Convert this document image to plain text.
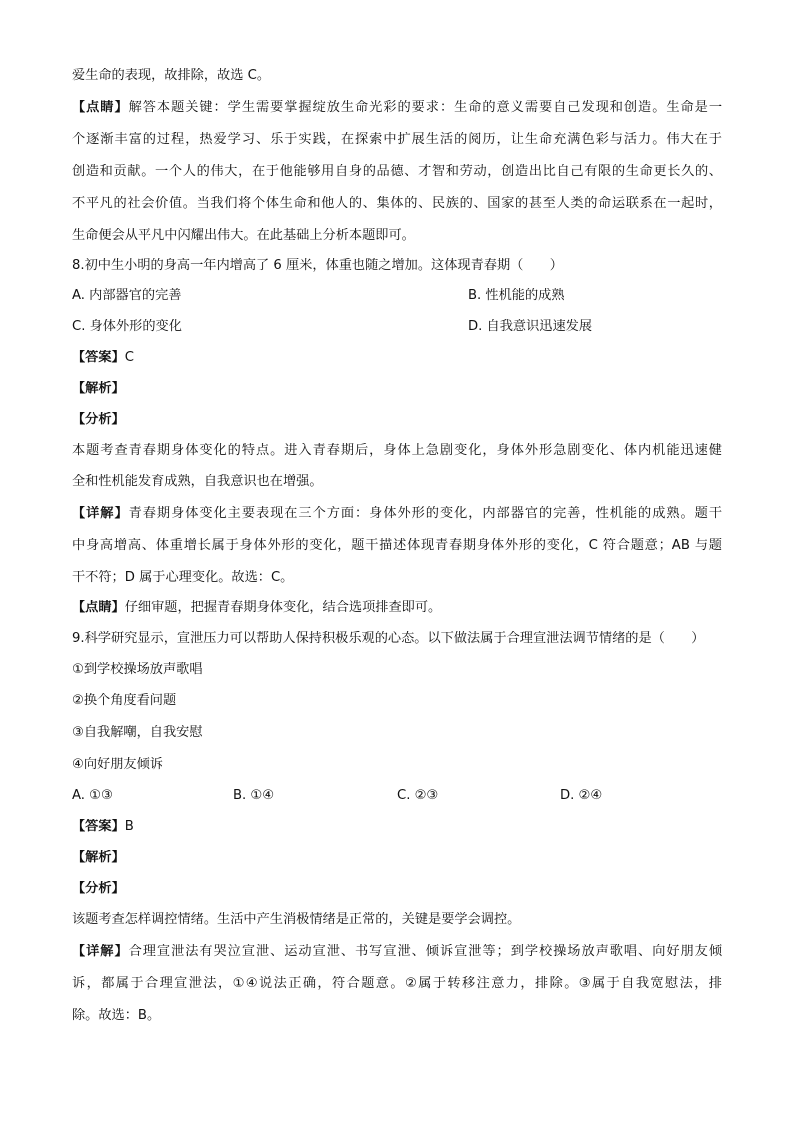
爱生命的表现，故排除，故选 C。
【点睛】解答本题关键：学生需要掌握绽放生命光彩的要求：生命的意义需要自己发现和创造。生命是一
个逐渐丰富的过程，热爱学习、乐于实践，在探索中扩展生活的阅历，让生命充满色彩与活力。伟大在于
创造和贡献。一个人的伟大，在于他能够用自身的品德、才智和劳动，创造出比自己有限的生命更长久的、
不平凡的社会价值。当我们将个体生命和他人的、集体的、民族的、国家的甚至人类的命运联系在一起时，
生命便会从平凡中闪耀出伟大。在此基础上分析本题即可。
8.初中生小明的身高一年内增高了 6 厘米，体重也随之增加。这体现青春期（　　）
A. 内部器官的完善	B. 性机能的成熟
C. 身体外形的变化	D. 自我意识迅速发展
【答案】C
【解析】
【分析】
本题考查青春期身体变化的特点。进入青春期后，身体上急剧变化，身体外形急剧变化、体内机能迅速健
全和性机能发育成熟，自我意识也在增强。
【详解】青春期身体变化主要表现在三个方面：身体外形的变化，内部器官的完善，性机能的成熟。题干
中身高增高、体重增长属于身体外形的变化，题干描述体现青春期身体外形的变化，C 符合题意；AB 与题
干不符；D 属于心理变化。故选：C。
【点睛】仔细审题，把握青春期身体变化，结合选项排查即可。
9.科学研究显示，宣泄压力可以帮助人保持积极乐观的心态。以下做法属于合理宣泄法调节情绪的是（　　）
①到学校操场放声歌唱
②换个角度看问题
③自我解嘲，自我安慰
④向好朋友倾诉
A. ①③	B. ①④	C. ②③	D. ②④
【答案】B
【解析】
【分析】
该题考查怎样调控情绪。生活中产生消极情绪是正常的，关键是要学会调控。
【详解】合理宣泄法有哭泣宣泄、运动宣泄、书写宣泄、倾诉宣泄等；到学校操场放声歌唱、向好朋友倾
诉，都属于合理宣泄法，①④说法正确，符合题意。②属于转移注意力，排除。③属于自我宽慰法，排
除。故选：B。
